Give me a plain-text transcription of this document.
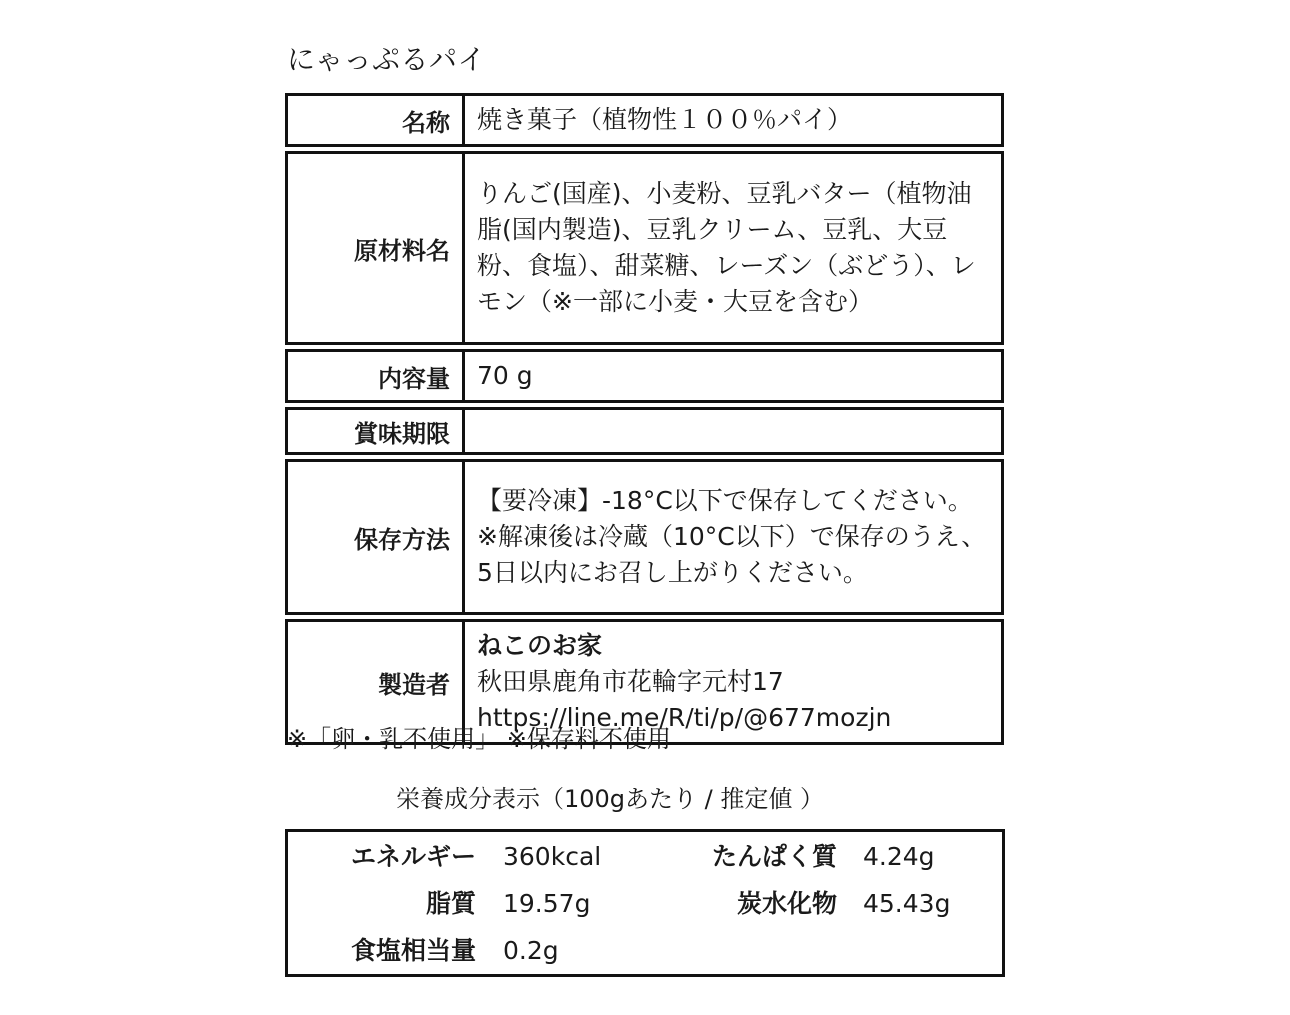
にゃっぷるパイ
名称	焼き菓子（植物性１００％パイ）
原材料名	りんご(国産)、小麦粉、豆乳バター（植物油脂(国内製造)、豆乳クリーム、豆乳、大豆粉、食塩）、甜菜糖、レーズン（ぶどう）、レモン（※一部に小麦・大豆を含む）
内容量	70 g
賞味期限	
保存方法	【要冷凍】-18°C以下で保存してください。※解凍後は冷蔵（10°C以下）で保存のうえ、5日以内にお召し上がりください。
製造者	ねこのお家
秋田県鹿角市花輪字元村17
https://line.me/R/ti/p/@677mozjn
※「卵・乳不使用」 ※保存料不使用
栄養成分表示（100gあたり / 推定値 ）
エネルギー 360kcal	たんぱく質 4.24g
脂質 19.57g	炭水化物 45.43g
食塩相当量 0.2g
